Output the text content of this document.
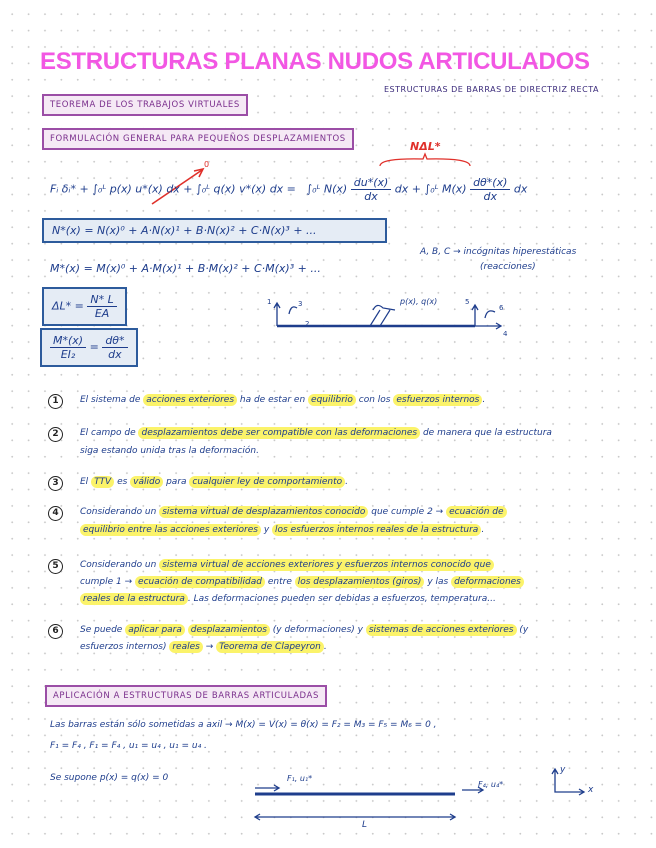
ESTRUCTURAS PLANAS NUDOS ARTICULADOS
ESTRUCTURAS DE BARRAS DE DIRECTRIZ RECTA
TEOREMA DE LOS TRABAJOS VIRTUALES
FORMULACIÓN GENERAL PARA PEQUEÑOS DESPLAZAMIENTOS
NΔL*
0
Fᵢ δᵢ* + ∫₀ᴸ p(x) u*(x) dx + ∫₀ᴸ q(x) v*(x) dx = ∫₀ᴸ $N(x) \frac{du*(x)}{dx}$ dx + ∫₀ᴸ $M(x) \frac{d\theta*(x)}{dx}$ dx
N*(x) = N(x)⁰ + A·N(x)¹ + B·N(x)² + C·N(x)³ + ...
M*(x) = M(x)⁰ + A·M(x)¹ + B·M(x)² + C·M(x)³ + ...
A, B, C → incógnitas hiperestáticas
(reacciones)
$\Delta L* = \frac{N* L}{EA}$
$\frac{M*(x)}{\text{EI₂}} = \frac{d\theta*}{dx}$
1
2
3
4
5
6
p(x), q(x)
1	El sistema de acciones exteriores ha de estar en equilibrio con los esfuerzos internos .
2	El campo de desplazamientos debe ser compatible con las deformaciones de manera que la estructura
siga estando unida tras la deformación.
3	El TTV es válido para cualquier ley de comportamiento .
4	Considerando un sistema virtual de desplazamientos conocido que cumple 2 → ecuación de
equilibrio entre las acciones exteriores y los esfuerzos internos reales de la estructura .
5	Considerando un sistema virtual de acciones exteriores y esfuerzos internos conocido que
cumple 1 → ecuación de compatibilidad entre los desplazamientos (giros) y las deformaciones
reales de la estructura . Las deformaciones pueden ser debidas a esfuerzos, temperatura...
6	Se puede aplicar para desplazamientos (y deformaciones) y sistemas de acciones exteriores (y
esfuerzos internos) reales → Teorema de Clapeyron .
APLICACIÓN A ESTRUCTURAS DE BARRAS ARTICULADAS
Las barras están sólo sometidas a axil → M(x) = V(x) = θ(x) = F₂ = M₃ = F₅ = M₆ = 0 ,
F₁ = F₄ , F₁ = F₄ , u₁ = u₄ , u₁ = u₄ .
Se supone p(x) = q(x) = 0	F₁, u₁*
F₄, u₄*
L
x
y
